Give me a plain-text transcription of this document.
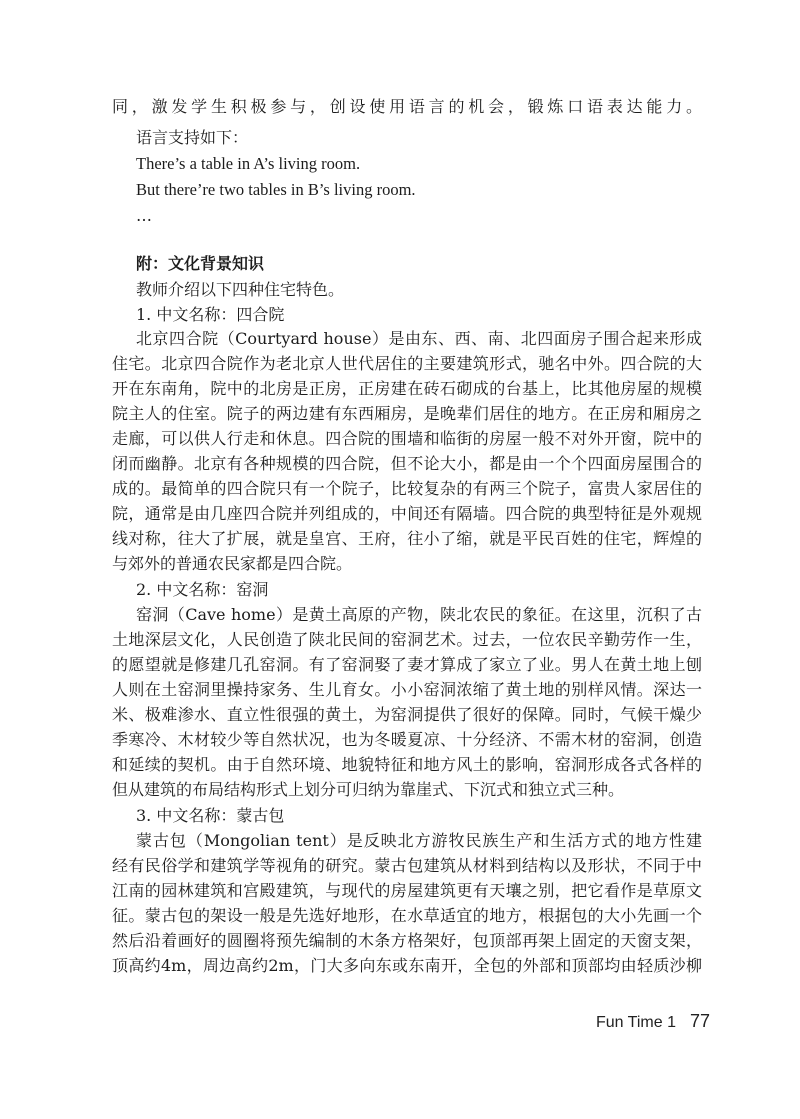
同，激发学生积极参与，创设使用语言的机会，锻炼口语表达能力。
语言支持如下：
There’s a table in A’s living room.
But there’re two tables in B’s living room.
…
附：文化背景知识
教师介绍以下四种住宅特色。
1. 中文名称：四合院
北京四合院（Courtyard house）是由东、西、南、北四面房子围合起来形成
住宅。北京四合院作为老北京人世代居住的主要建筑形式，驰名中外。四合院的大
开在东南角，院中的北房是正房，正房建在砖石砌成的台基上，比其他房屋的规模
院主人的住室。院子的两边建有东西厢房，是晚辈们居住的地方。在正房和厢房之
走廊，可以供人行走和休息。四合院的围墙和临街的房屋一般不对外开窗，院中的
闭而幽静。北京有各种规模的四合院，但不论大小，都是由一个个四面房屋围合的
成的。最简单的四合院只有一个院子，比较复杂的有两三个院子，富贵人家居住的
院，通常是由几座四合院并列组成的，中间还有隔墙。四合院的典型特征是外观规
线对称，往大了扩展，就是皇宫、王府，往小了缩，就是平民百姓的住宅，辉煌的
与郊外的普通农民家都是四合院。
2. 中文名称：窑洞
窑洞（Cave home）是黄土高原的产物，陕北农民的象征。在这里，沉积了古
土地深层文化，人民创造了陕北民间的窑洞艺术。过去，一位农民辛勤劳作一生，
的愿望就是修建几孔窑洞。有了窑洞娶了妻才算成了家立了业。男人在黄土地上刨
人则在土窑洞里操持家务、生儿育女。小小窑洞浓缩了黄土地的别样风情。深达一
米、极难渗水、直立性很强的黄土，为窑洞提供了很好的保障。同时，气候干燥少
季寒冷、木材较少等自然状况，也为冬暖夏凉、十分经济、不需木材的窑洞，创造
和延续的契机。由于自然环境、地貌特征和地方风土的影响，窑洞形成各式各样的
但从建筑的布局结构形式上划分可归纳为靠崖式、下沉式和独立式三种。
3. 中文名称：蒙古包
蒙古包（Mongolian tent）是反映北方游牧民族生产和生活方式的地方性建
经有民俗学和建筑学等视角的研究。蒙古包建筑从材料到结构以及形状，不同于中
江南的园林建筑和宫殿建筑，与现代的房屋建筑更有天壤之别，把它看作是草原文
征。蒙古包的架设一般是先选好地形，在水草适宜的地方，根据包的大小先画一个
然后沿着画好的圆圈将预先编制的木条方格架好，包顶部再架上固定的天窗支架，
顶高约4m，周边高约2m，门大多向东或东南开，全包的外部和顶部均由轻质沙柳
Fun Time 1 77
